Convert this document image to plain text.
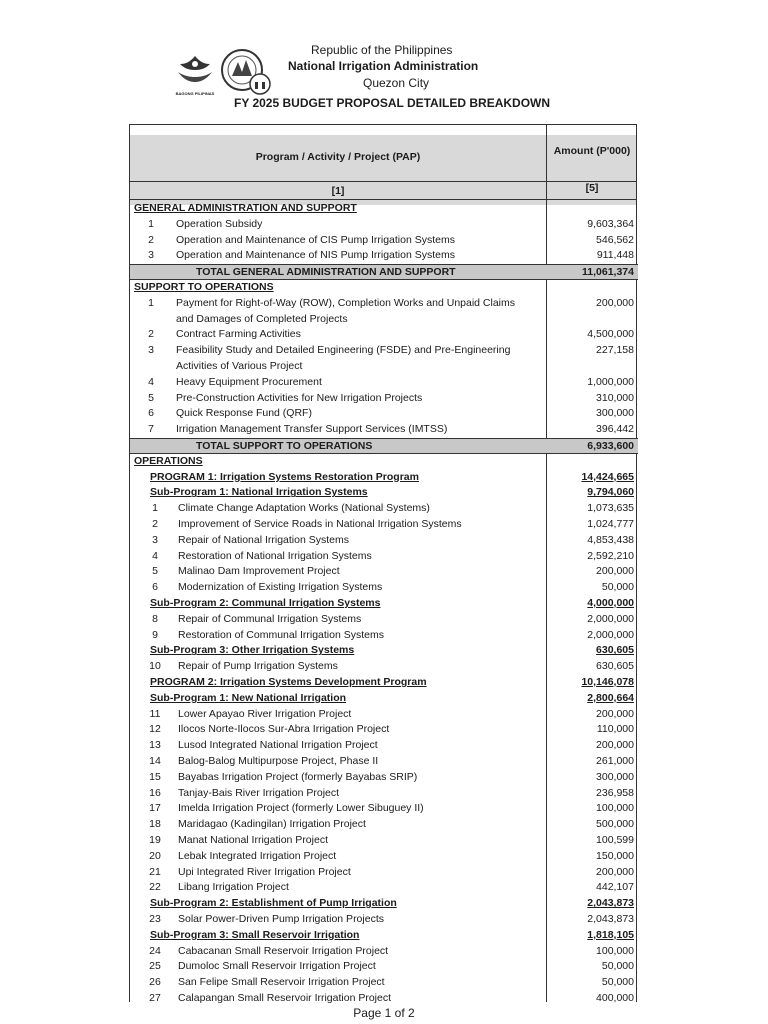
BAGONG PILIPINAS
Republic of the Philippines
National Irrigation Administration
Quezon City
FY 2025 BUDGET PROPOSAL DETAILED BREAKDOWN
Program / Activity / Project (PAP)	Amount (P'000)
[1]	[5]
GENERAL ADMINISTRATION AND SUPPORT
1	Operation Subsidy	9,603,364
2	Operation and Maintenance of CIS Pump Irrigation Systems	546,562
3	Operation and Maintenance of NIS Pump Irrigation Systems	911,448
TOTAL GENERAL ADMINISTRATION AND SUPPORT	11,061,374
SUPPORT TO OPERATIONS
1	Payment for Right-of-Way (ROW), Completion Works and Unpaid Claims	200,000
and Damages of Completed Projects
2	Contract Farming Activities	4,500,000
3	Feasibility Study and Detailed Engineering (FSDE) and Pre-Engineering	227,158
Activities of Various Project
4	Heavy Equipment Procurement	1,000,000
5	Pre-Construction Activities for New Irrigation Projects	310,000
6	Quick Response Fund (QRF)	300,000
7	Irrigation Management Transfer Support Services (IMTSS)	396,442
TOTAL SUPPORT TO OPERATIONS	6,933,600
OPERATIONS
PROGRAM 1: Irrigation Systems Restoration Program	14,424,665
Sub-Program 1: National Irrigation Systems	9,794,060
1	Climate Change Adaptation Works (National Systems)	1,073,635
2	Improvement of Service Roads in National Irrigation Systems	1,024,777
3	Repair of National Irrigation Systems	4,853,438
4	Restoration of National Irrigation Systems	2,592,210
5	Malinao Dam Improvement Project	200,000
6	Modernization of Existing Irrigation Systems	50,000
Sub-Program 2: Communal Irrigation Systems	4,000,000
8	Repair of Communal Irrigation Systems	2,000,000
9	Restoration of Communal Irrigation Systems	2,000,000
Sub-Program 3: Other Irrigation Systems	630,605
10 Repair of Pump Irrigation Systems	630,605
PROGRAM 2: Irrigation Systems Development Program	10,146,078
Sub-Program 1: New National Irrigation	2,800,664
11 Lower Apayao River Irrigation Project	200,000
12 Ilocos Norte-Ilocos Sur-Abra Irrigation Project	110,000
13 Lusod Integrated National Irrigation Project	200,000
14 Balog-Balog Multipurpose Project, Phase II	261,000
15 Bayabas Irrigation Project (formerly Bayabas SRIP)	300,000
16 Tanjay-Bais River Irrigation Project	236,958
17 Imelda Irrigation Project (formerly Lower Sibuguey II)	100,000
18 Maridagao (Kadingilan) Irrigation Project	500,000
19 Manat National Irrigation Project	100,599
20 Lebak Integrated Irrigation Project	150,000
21 Upi Integrated River Irrigation Project	200,000
22 Libang Irrigation Project	442,107
Sub-Program 2: Establishment of Pump Irrigation	2,043,873
23 Solar Power-Driven Pump Irrigation Projects	2,043,873
Sub-Program 3: Small Reservoir Irrigation	1,818,105
24 Cabacanan Small Reservoir Irrigation Project	100,000
25 Dumoloc Small Reservoir Irrigation Project	50,000
26 San Felipe Small Reservoir Irrigation Project	50,000
27 Calapangan Small Reservoir Irrigation Project	400,000
Page 1 of 2
